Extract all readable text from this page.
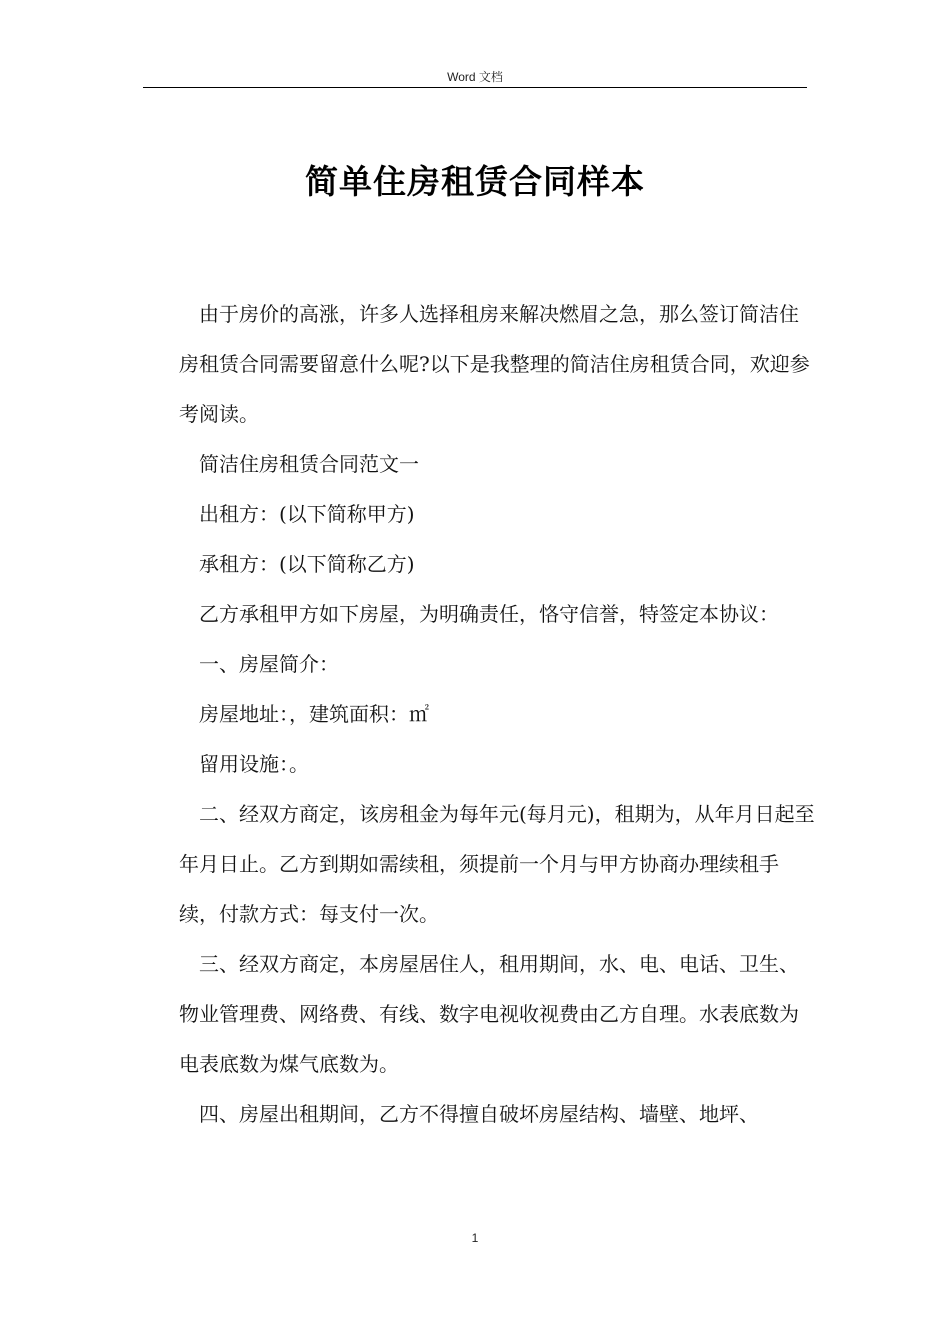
Word 文档
简单住房租赁合同样本

由于房价的高涨，许多人选择租房来解决燃眉之急，那么签订简洁住房租赁合同需要留意什么呢?以下是我整理的简洁住房租赁合同，欢迎参考阅读。

简洁住房租赁合同范文一

出租方：(以下简称甲方)

承租方：(以下简称乙方)

乙方承租甲方如下房屋，为明确责任，恪守信誉，特签定本协议：

一、房屋简介：

房屋地址：，建筑面积：㎡

留用设施：。

二、经双方商定，该房租金为每年元(每月元)，租期为，从年月日起至年月日止。乙方到期如需续租，须提前一个月与甲方协商办理续租手续，付款方式：每支付一次。

三、经双方商定，本房屋居住人，租用期间，水、电、电话、卫生、物业管理费、网络费、有线、数字电视收视费由乙方自理。水表底数为电表底数为煤气底数为。

四、房屋出租期间，乙方不得擅自破坏房屋结构、墙壁、地坪、

1
